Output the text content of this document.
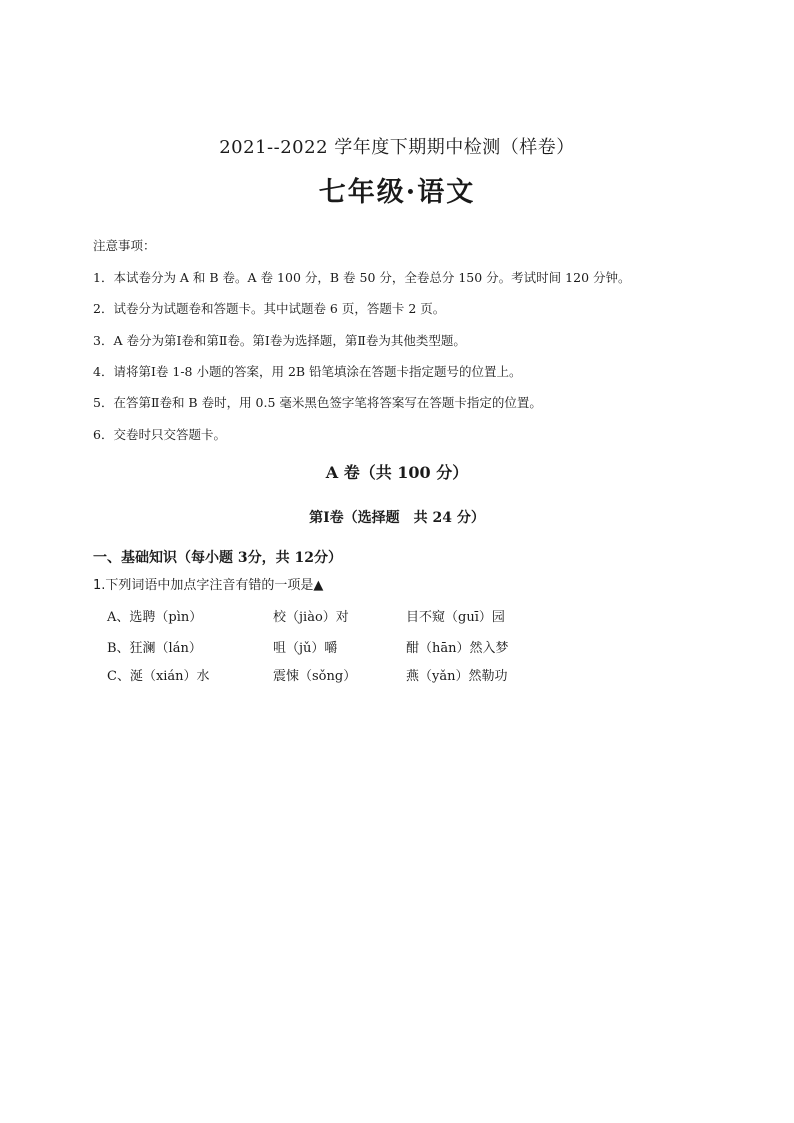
2021--2022 学年度下期期中检测（样卷）
七年级·语文
注意事项：
1．本试卷分为 A 和 B 卷。A 卷 100 分，B 卷 50 分，全卷总分 150 分。考试时间 120 分钟。
2．试卷分为试题卷和答题卡。其中试题卷 6 页，答题卡 2 页。
3．A 卷分为第Ⅰ卷和第Ⅱ卷。第Ⅰ卷为选择题，第Ⅱ卷为其他类型题。
4．请将第Ⅰ卷 1-8 小题的答案，用 2B 铅笔填涂在答题卡指定题号的位置上。
5．在答第Ⅱ卷和 B 卷时，用 0.5 毫米黑色签字笔将答案写在答题卡指定的位置。
6．交卷时只交答题卡。
A 卷（共 100 分）
第Ⅰ卷（选择题　共 24 分）
一、基础知识（每小题 3分，共 12分）
1.下列词语中加点字注音有错的一项是▲
A、选聘（pìn）	校（jiào）对	目不窥（guī）园
B、狂澜（lán）	咀（jǔ）嚼	酣（hān）然入梦
C、涎（xián）水	震悚（sǒng）	燕（yǎn）然勒功
